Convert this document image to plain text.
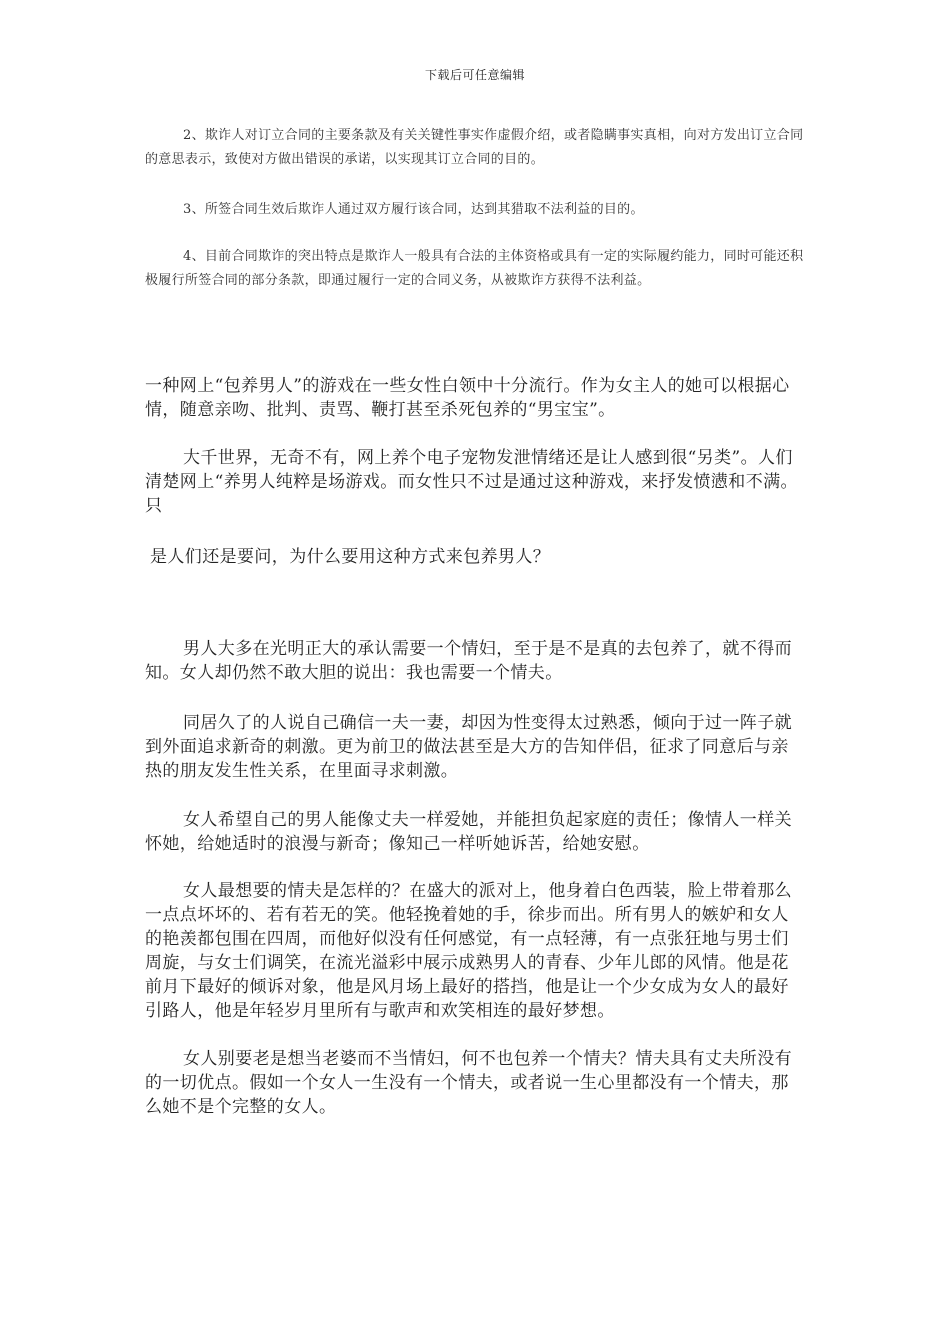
下载后可任意编辑

2、欺诈人对订立合同的主要条款及有关关键性事实作虚假介绍，或者隐瞒事实真相，向对方发出订立合同的意思表示，致使对方做出错误的承诺，以实现其订立合同的目的。

3、所签合同生效后欺诈人通过双方履行该合同，达到其猎取不法利益的目的。

4、目前合同欺诈的突出特点是欺诈人一般具有合法的主体资格或具有一定的实际履约能力，同时可能还积极履行所签合同的部分条款，即通过履行一定的合同义务，从被欺诈方获得不法利益。

一种网上“包养男人”的游戏在一些女性白领中十分流行。作为女主人的她可以根据心情，随意亲吻、批判、责骂、鞭打甚至杀死包养的“男宝宝”。

大千世界，无奇不有，网上养个电子宠物发泄情绪还是让人感到很“另类”。人们清楚网上“养男人纯粹是场游戏。而女性只不过是通过这种游戏，来抒发愤懑和不满。只

是人们还是要问，为什么要用这种方式来包养男人？

男人大多在光明正大的承认需要一个情妇，至于是不是真的去包养了，就不得而知。女人却仍然不敢大胆的说出：我也需要一个情夫。

同居久了的人说自己确信一夫一妻，却因为性变得太过熟悉，倾向于过一阵子就到外面追求新奇的刺激。更为前卫的做法甚至是大方的告知伴侣，征求了同意后与亲热的朋友发生性关系，在里面寻求刺激。

女人希望自己的男人能像丈夫一样爱她，并能担负起家庭的责任；像情人一样关怀她，给她适时的浪漫与新奇；像知己一样听她诉苦，给她安慰。

女人最想要的情夫是怎样的？在盛大的派对上，他身着白色西装，脸上带着那么一点点坏坏的、若有若无的笑。他轻挽着她的手，徐步而出。所有男人的嫉妒和女人的艳羡都包围在四周，而他好似没有任何感觉，有一点轻薄，有一点张狂地与男士们周旋，与女士们调笑，在流光溢彩中展示成熟男人的青春、少年儿郎的风情。他是花前月下最好的倾诉对象，他是风月场上最好的搭挡，他是让一个少女成为女人的最好引路人，他是年轻岁月里所有与歌声和欢笑相连的最好梦想。

女人别要老是想当老婆而不当情妇，何不也包养一个情夫？情夫具有丈夫所没有的一切优点。假如一个女人一生没有一个情夫，或者说一生心里都没有一个情夫，那么她不是个完整的女人。
